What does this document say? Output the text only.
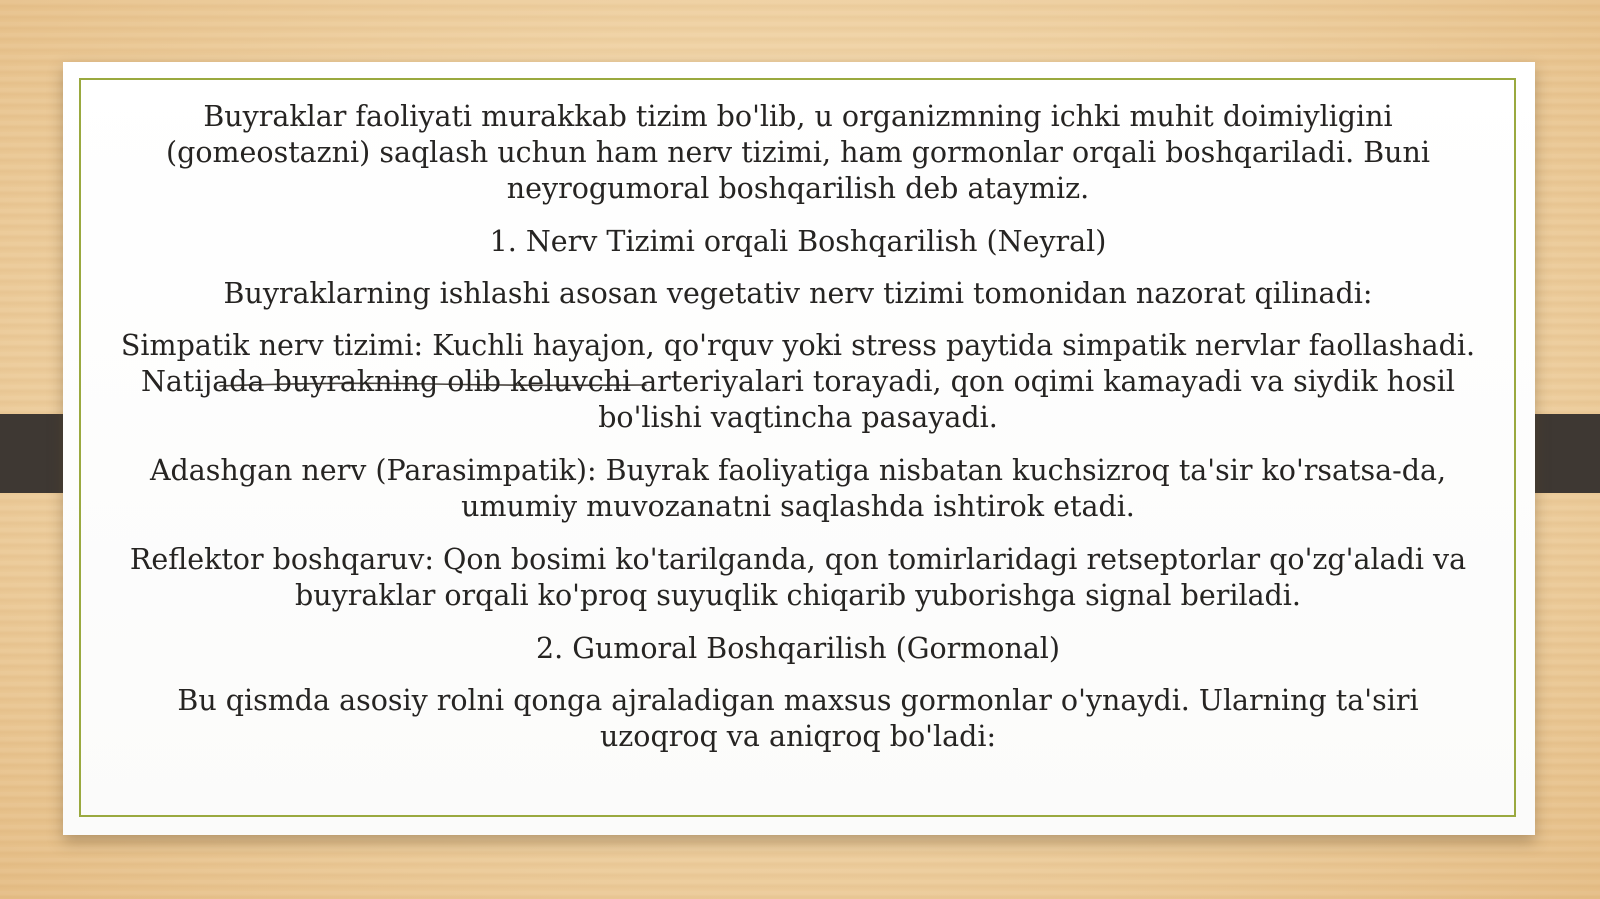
Buyraklar faoliyati murakkab tizim bo'lib, u organizmning ichki muhit doimiyligini (gomeostazni) saqlash uchun ham nerv tizimi, ham gormonlar orqali boshqariladi. Buni neyrogumoral boshqarilish deb ataymiz.

1. Nerv Tizimi orqali Boshqarilish (Neyral)

Buyraklarning ishlashi asosan vegetativ nerv tizimi tomonidan nazorat qilinadi:

Simpatik nerv tizimi: Kuchli hayajon, qo'rquv yoki stress paytida simpatik nervlar faollashadi. Natijada buyrakning olib keluvchi arteriyalari torayadi, qon oqimi kamayadi va siydik hosil bo'lishi vaqtincha pasayadi.

Adashgan nerv (Parasimpatik): Buyrak faoliyatiga nisbatan kuchsizroq ta'sir ko'rsatsa-da, umumiy muvozanatni saqlashda ishtirok etadi.

Reflektor boshqaruv: Qon bosimi ko'tarilganda, qon tomirlaridagi retseptorlar qo'zg'aladi va buyraklar orqali ko'proq suyuqlik chiqarib yuborishga signal beriladi.

2. Gumoral Boshqarilish (Gormonal)

Bu qismda asosiy rolni qonga ajraladigan maxsus gormonlar o'ynaydi. Ularning ta'siri uzoqroq va aniqroq bo'ladi:
